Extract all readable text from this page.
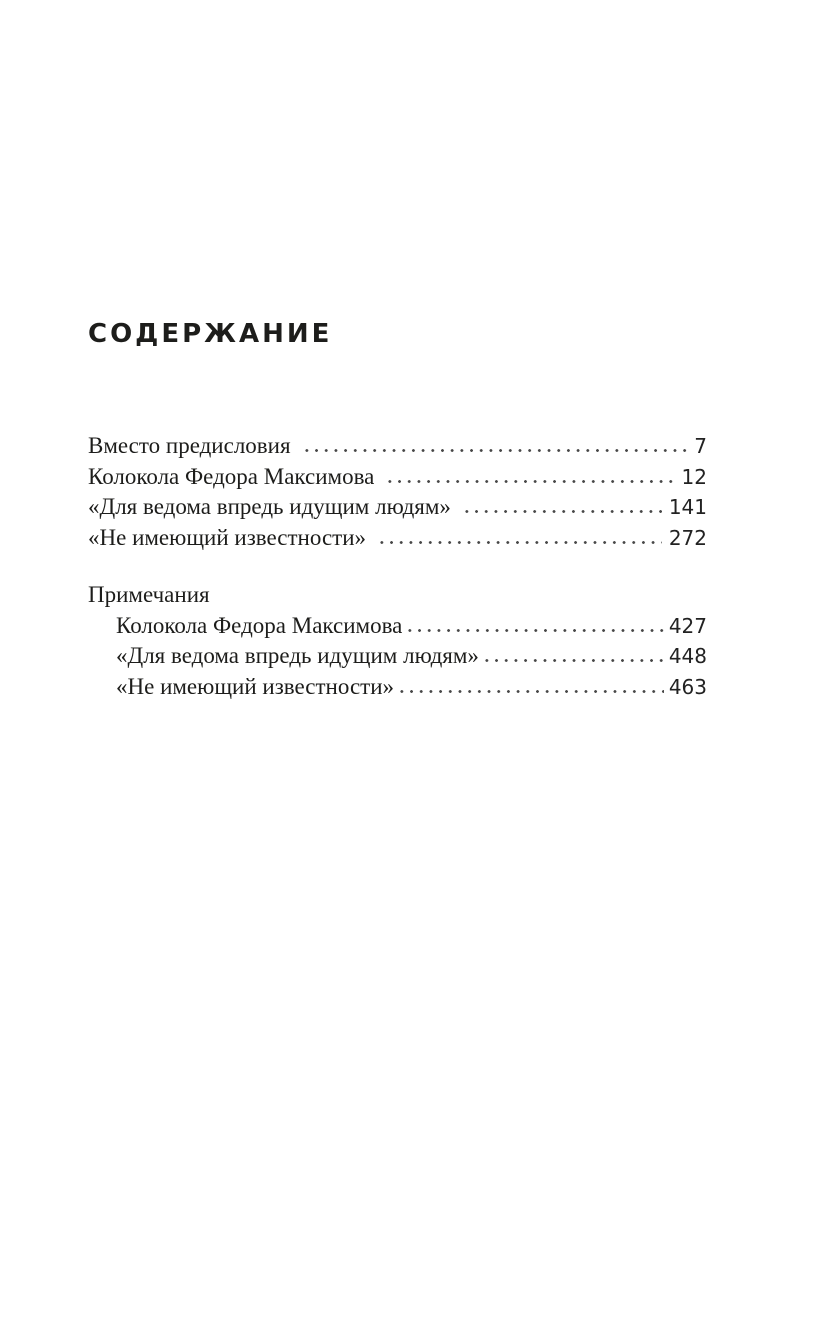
СОДЕРЖАНИЕ
Вместо предисловия	7
Колокола Федора Максимова	12
«Для ведома впредь идущим людям»	141
«Не имеющий известности»	272
Примечания
Колокола Федора Максимова	427
«Для ведома впредь идущим людям»	448
«Не имеющий известности»	463
